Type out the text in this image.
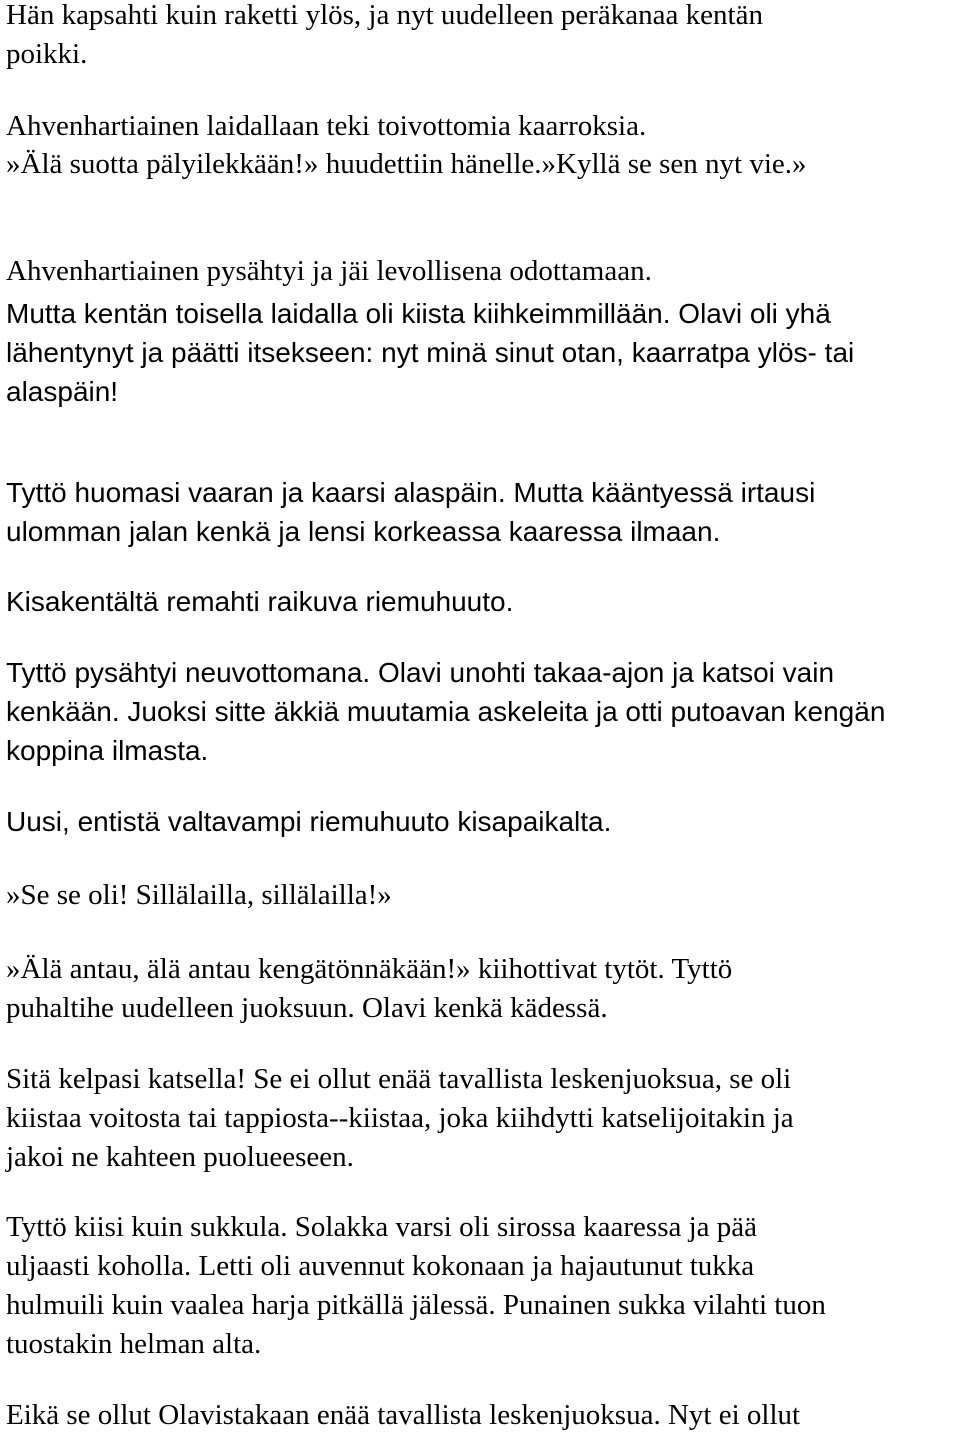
Hän kapsahti kuin raketti ylös, ja nyt uudelleen peräkanaa kentän
poikki.

Ahvenhartiainen laidallaan teki toivottomia kaarroksia.

»Älä suotta pälyilekkään!» huudettiin hänelle.»Kyllä se sen nyt vie.»

Ahvenhartiainen pysähtyi ja jäi levollisena odottamaan.

Mutta kentän toisella laidalla oli kiista kiihkeimmillään. Olavi oli yhä
lähentynyt ja päätti itsekseen: nyt minä sinut otan, kaarratpa ylös- tai
alaspäin!

Tyttö huomasi vaaran ja kaarsi alaspäin. Mutta kääntyessä irtausi
ulomman jalan kenkä ja lensi korkeassa kaaressa ilmaan.

Kisakentältä remahti raikuva riemuhuuto.

Tyttö pysähtyi neuvottomana. Olavi unohti takaa-ajon ja katsoi vain
kenkään. Juoksi sitte äkkiä muutamia askeleita ja otti putoavan kengän
koppina ilmasta.

Uusi, entistä valtavampi riemuhuuto kisapaikalta.

»Se se oli! Sillälailla, sillälailla!»

»Älä antau, älä antau kengätönnäkään!» kiihottivat tytöt. Tyttö
puhaltihe uudelleen juoksuun. Olavi kenkä kädessä.

Sitä kelpasi katsella! Se ei ollut enää tavallista leskenjuoksua, se oli
kiistaa voitosta tai tappiosta--kiistaa, joka kiihdytti katselijoitakin ja
jakoi ne kahteen puolueeseen.

Tyttö kiisi kuin sukkula. Solakka varsi oli sirossa kaaressa ja pää
uljaasti koholla. Letti oli auvennut kokonaan ja hajautunut tukka
hulmuili kuin vaalea harja pitkällä jälessä. Punainen sukka vilahti tuon
tuostakin helman alta.

Eikä se ollut Olavistakaan enää tavallista leskenjuoksua. Nyt ei ollut
